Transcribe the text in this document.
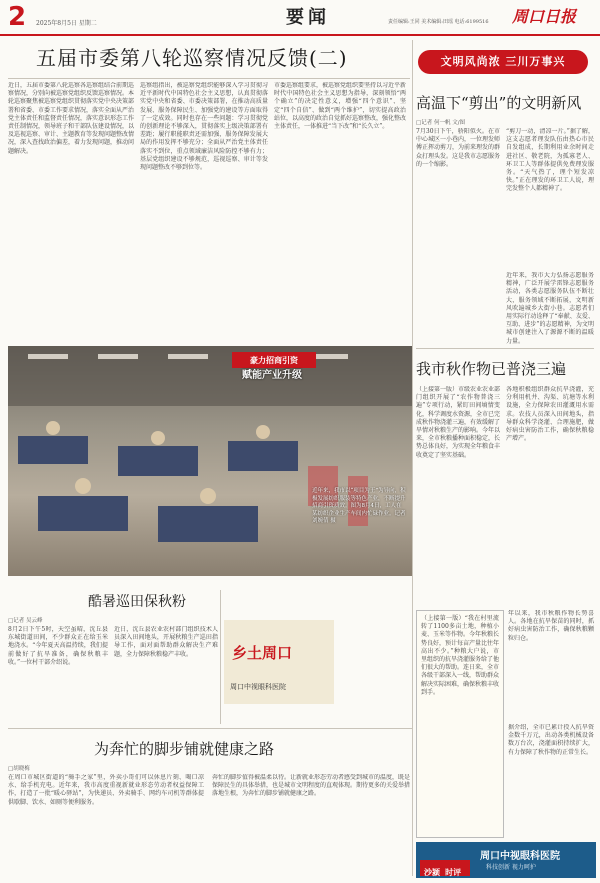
2 2025年8月5日 星期二	要闻	责任编辑:王同 美术编辑:田瑶 电话:6199516 周口日报
五届市委第八轮巡察情况反馈(二)
近日，五届市委第八轮巡察各巡察组结合前期巡察情况，分别向被巡察党组织反馈巡察情况。本轮巡察聚焦被巡察党组织贯彻落实党中央决策部署和省委、市委工作要求情况，落实全面从严治党主体责任和监督责任情况，落实意识形态工作责任制情况，领导班子和干部队伍建设情况，以及巡视巡察、审计、主题教育等发现问题整改情况，深入查找政治偏差，着力发现问题，推动问题解决。
巡察组指出，被巡察党组织能够深入学习贯彻习近平新时代中国特色社会主义思想，认真贯彻落实党中央和省委、市委决策部署，在推动高质量发展、服务保障民生、加强党的建设等方面取得了一定成效。同时也存在一些问题：学习贯彻党的创新理论不够深入，贯彻落实上级决策部署有差距；履行职能职责还需加强，服务保障发展大局的作用发挥不够充分；全面从严治党主体责任落实不到位，重点领域廉洁风险防控不够有力；基层党组织建设不够规范，巡视巡察、审计等发现问题整改不够到位等。
市委巡察组要求，被巡察党组织要坚持以习近平新时代中国特色社会主义思想为指导，深刻领悟“两个确立”的决定性意义，增强“四个意识”、坚定“四个自信”、做到“两个维护”，切实提高政治站位，以高度的政治自觉抓好巡察整改，强化整改主体责任，一体推进“当下改”和“长久立”。
文明风尚浓 三川万事兴
高温下“剪出”的文明新风
□记者 何一帆 文/图
7月30日下午，骄阳似火。在市中心城区一小巷内，一位理发师傅正挥动剪刀，为前来理发的群众打理头发。这是我市志愿服务的一个缩影。
“剪刀一动，清凉一片。”据了解，这支志愿者理发队伍由热心市民自发组成，长期利用业余时间走进社区、敬老院，为孤寡老人、环卫工人等群体提供免费理发服务。“天气热了，理个短发凉快。”正在理发的环卫工人说，理完发整个人都精神了。
近年来，我市大力弘扬志愿服务精神，广泛开展学雷锋志愿服务活动，各类志愿服务队伍不断壮大，服务领域不断拓展，文明新风吹遍城乡大街小巷。志愿者们用实际行动诠释了“奉献、友爱、互助、进步”的志愿精神，为文明城市创建注入了源源不断的温暖力量。
豪力招商引资
赋能产业升级
近年来，我市以“项目为王”为导向，积极发展纺织服装等特色产业，不断提升招商引资质效。图为8月4日，工人在某纺织企业生产车间内忙碌作业。记者 刘婉倩 摄
酷暑巡田保秋粉
□记者 吴云峰
8月2日下午5时，天空虽晴，沈丘县东城街道田间，不少群众正在给玉米地浇水。“今年夏天高温持续，我们提前做好了抗旱准备，确保秋粮丰收。”一位村干部介绍说。
近日，沈丘县农业农村部门组织技术人员深入田间地头，开展秋粮生产巡田指导工作，面对面帮助群众解决生产难题，全力保障秋粮稳产丰收。	乡土周口
周口中视眼科医院
为奔忙的脚步铺就健康之路
□胡晓梅
在周口市城区街道的“骑手之家”里，外卖小哥们可以休息片刻、喝口凉水、给手机充电。近年来，我市高度重视新就业形态劳动者权益保障工作，打造了一批“暖心驿站”，为快递员、外卖骑手、网约车司机等群体提供歇脚、饮水、如厕等便利服务。
奔忙的脚步值得被温柔以待。让新就业形态劳动者感受到城市的温度，既是保障民生的具体举措，也是城市文明程度的直观体现。期待更多的关爱举措落地生根，为奔忙的脚步铺就健康之路。
我市秋作物已普浇三遍
（上接第一版）市级农业农业部门组织开展了“农作物普浇三遍”专项行动，紧盯田间墒情变化，科学调度水资源，全市已完成秋作物浇灌三遍，有效缓解了旱情对秋粮生产的影响。今年以来，全市秋粮播种面积稳定，长势总体良好，为实现全年粮食丰收奠定了坚实基础。
各地积极组织群众抗旱浇灌，充分利用机井、沟渠、坑塘等水利设施，全力保障农田灌溉用水需求。农技人员深入田间地头，指导群众科学浇灌、合理施肥，做好病虫害防治工作，确保秋粮稳产增产。
（上接第一版）“我在村里流转了1100多亩土地，种植小麦、玉米等作物。今年秋粮长势良好，预计每亩产量比往年高出不少。”种粮大户说，市里组织的抗旱浇灌服务给了他们很大的帮助。连日来，全市各级干部深入一线，帮助群众解决实际困难，确保秋粮丰收到手。
年以来，我市秋粮作物长势喜人。各地在抗旱保苗的同时，抓好病虫害防治工作，确保秋粮颗粒归仓。
据介绍，全市已累计投入抗旱资金数千万元，出动各类机械设备数万台次，浇灌面积持续扩大，有力保障了秋作物的正常生长。
周口中视眼科医院
科技创新 视力呵护
沙颍 时评
